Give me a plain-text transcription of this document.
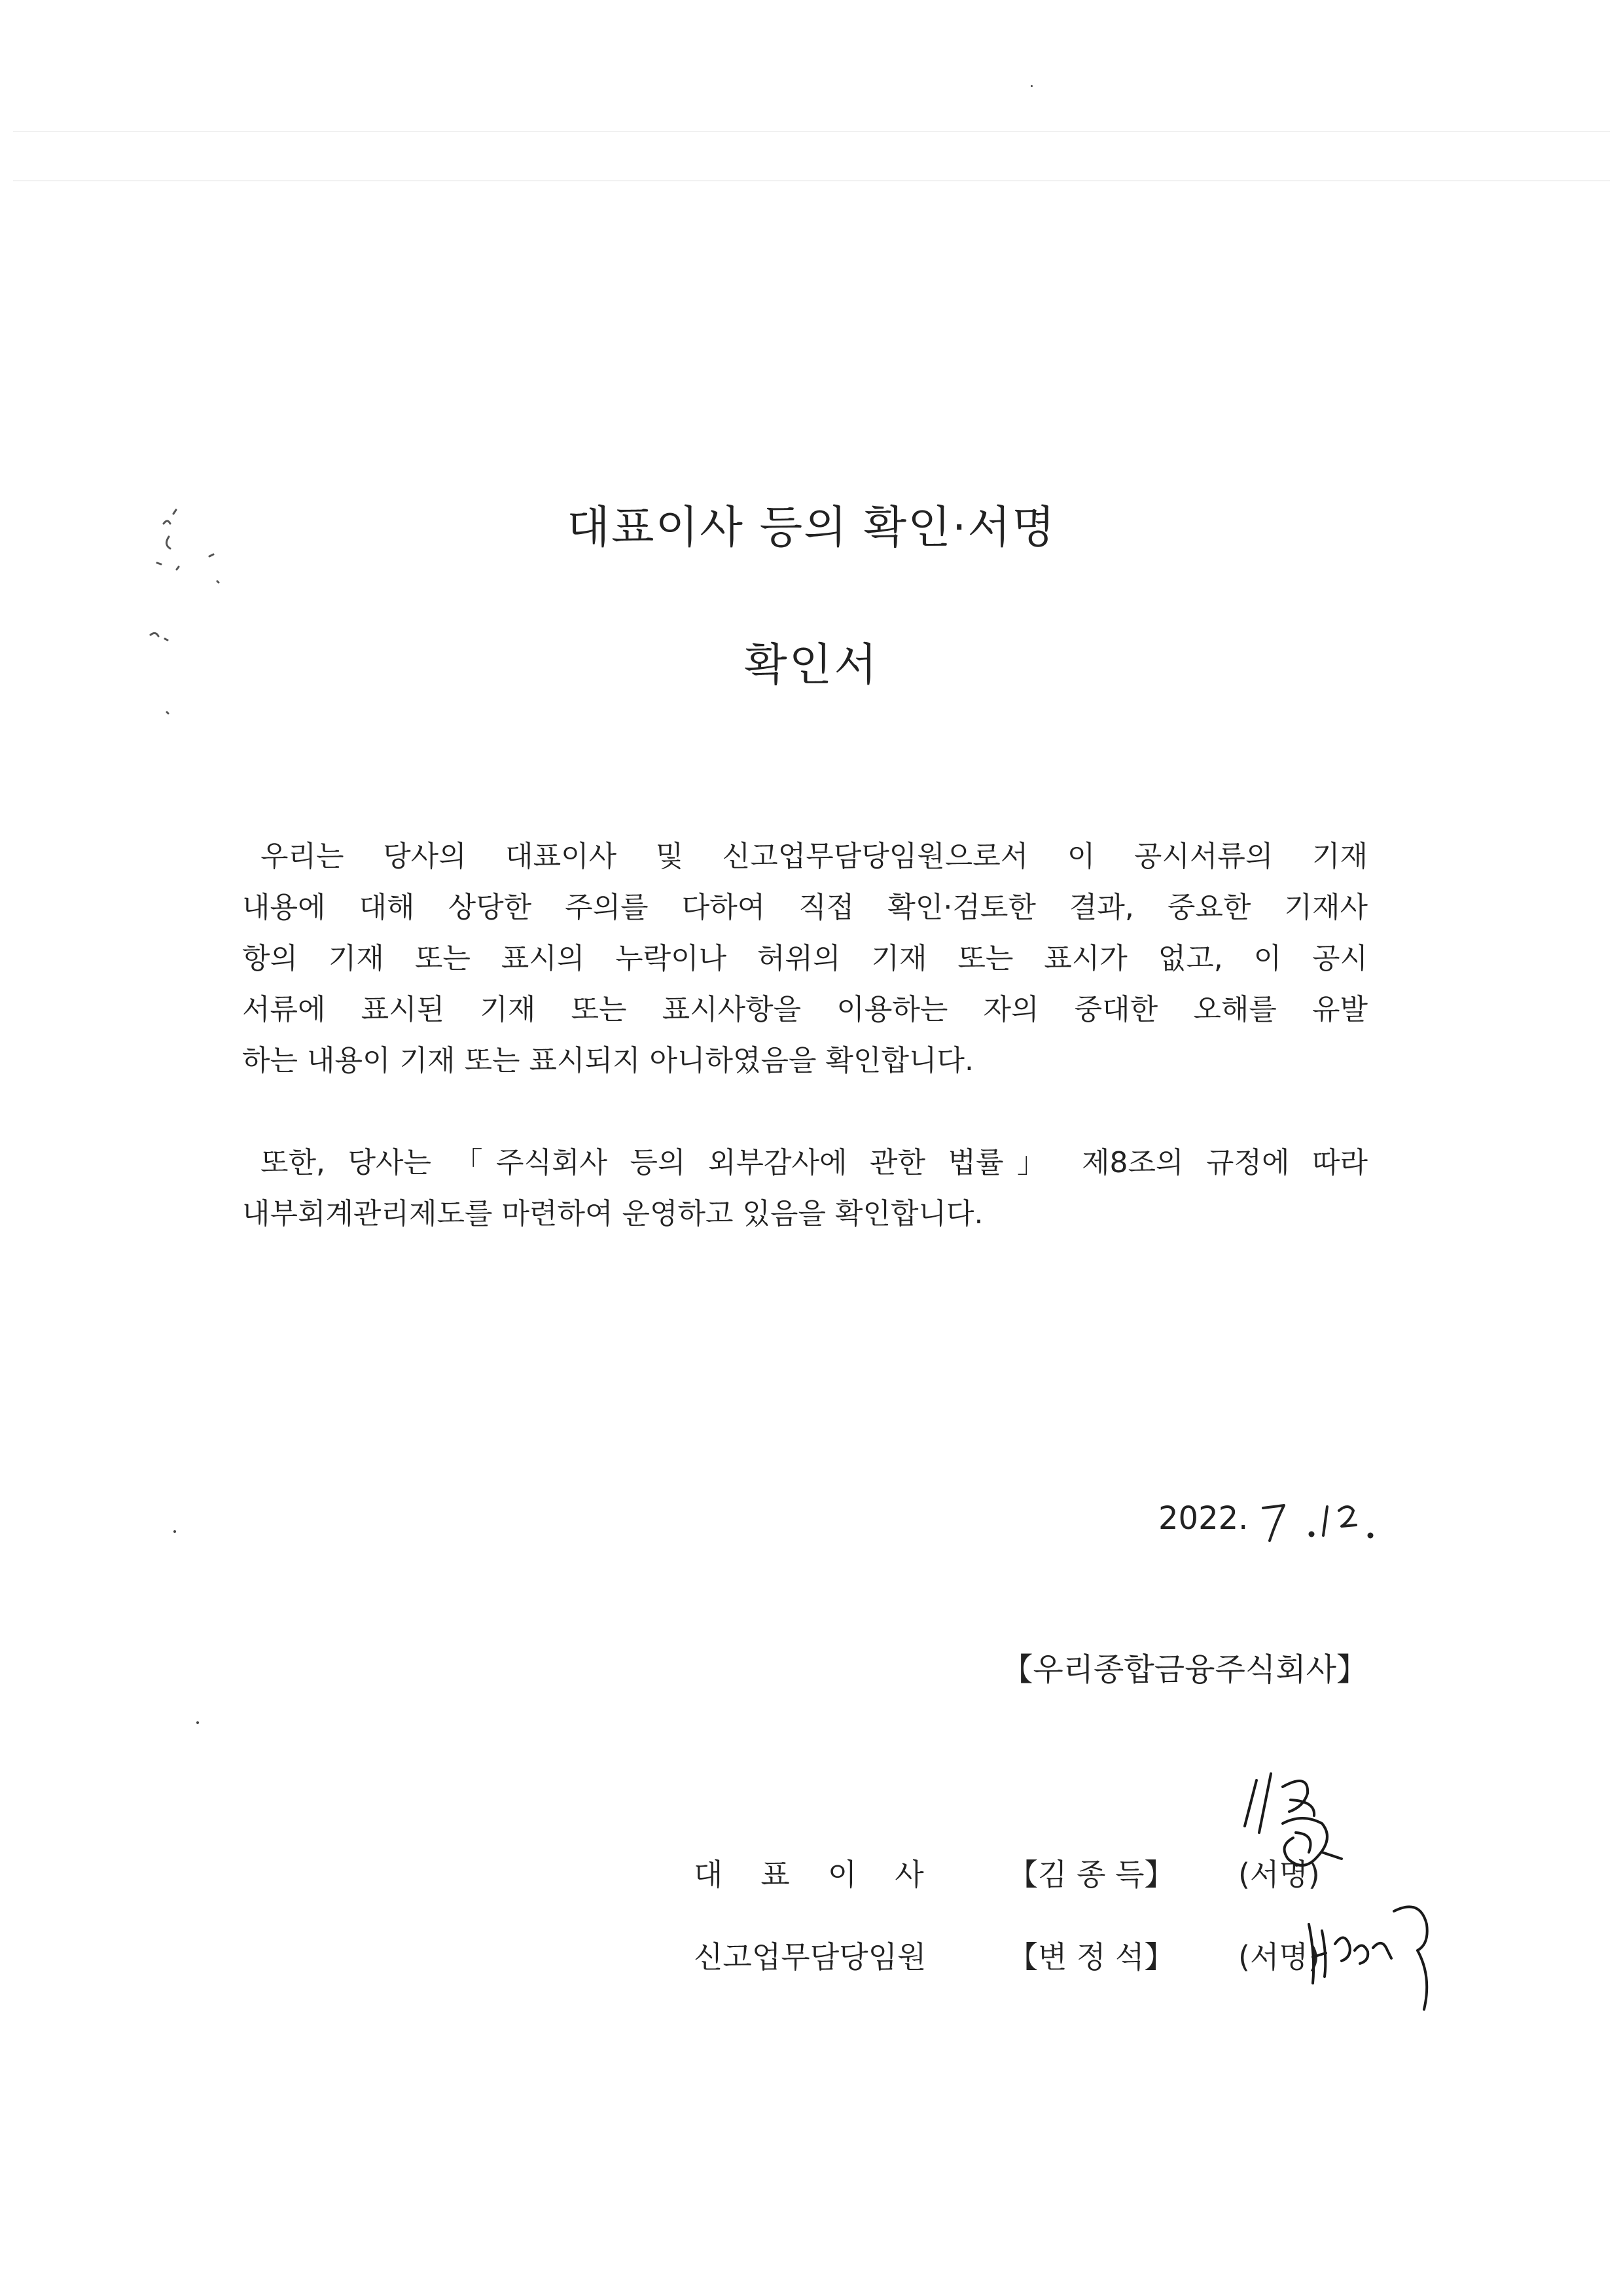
대표이사 등의 확인·서명
확인서
우리는 당사의 대표이사 및 신고업무담당임원으로서 이 공시서류의 기재
내용에 대해 상당한 주의를 다하여 직접 확인·검토한 결과, 중요한 기재사
항의 기재 또는 표시의 누락이나 허위의 기재 또는 표시가 없고, 이 공시
서류에 표시된 기재 또는 표시사항을 이용하는 자의 중대한 오해를 유발
하는 내용이 기재 또는 표시되지 아니하였음을 확인합니다.
또한, 당사는 「주식회사 등의 외부감사에 관한 법률」 제8조의 규정에 따라
내부회계관리제도를 마련하여 운영하고 있음을 확인합니다.
2022.
【우리종합금융주식회사】
대표이사 【김 종 득】 (서명)
신고업무담당임원	【변 정 석】 (서명)
